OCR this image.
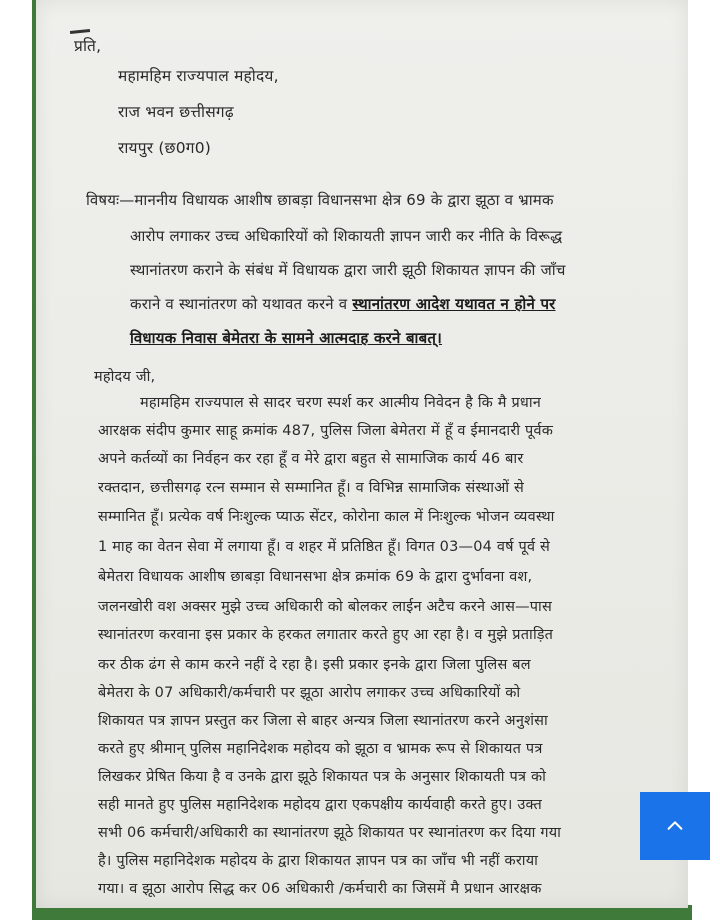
प्रति,
महामहिम राज्यपाल महोदय,
राज भवन छत्तीसगढ़
रायपुर (छ0ग0)
विषयः—माननीय विधायक आशीष छाबड़ा विधानसभा क्षेत्र 69 के द्वारा झूठा व भ्रामक
आरोप लगाकर उच्च अधिकारियों को शिकायती ज्ञापन जारी कर नीति के विरूद्ध
स्थानांतरण कराने के संबंध में विधायक द्वारा जारी झूठी शिकायत ज्ञापन की जाँच
कराने व स्थानांतरण को यथावत करने व स्थानांतरण आदेश यथावत न होने पर
विधायक निवास बेमेतरा के सामने आत्मदाह करने बाबत्।
महोदय जी,
महामहिम राज्यपाल से सादर चरण स्पर्श कर आत्मीय निवेदन है कि मै प्रधान
आरक्षक संदीप कुमार साहू क्रमांक 487, पुलिस जिला बेमेतरा में हूँ व ईमानदारी पूर्वक
अपने कर्तव्यों का निर्वहन कर रहा हूँ व मेरे द्वारा बहुत से सामाजिक कार्य 46 बार
रक्तदान, छत्तीसगढ़ रत्न सम्मान से सम्मानित हूँ। व विभिन्न सामाजिक संस्थाओं से
सम्मानित हूँ। प्रत्येक वर्ष निःशुल्क प्याऊ सेंटर, कोरोना काल में निःशुल्क भोजन व्यवस्था
1 माह का वेतन सेवा में लगाया हूँ। व शहर में प्रतिष्ठित हूँ। विगत 03—04 वर्ष पूर्व से
बेमेतरा विधायक आशीष छाबड़ा विधानसभा क्षेत्र क्रमांक 69 के द्वारा दुर्भावना वश,
जलनखोरी वश अक्सर मुझे उच्च अधिकारी को बोलकर लाईन अटैच करने आस—पास
स्थानांतरण करवाना इस प्रकार के हरकत लगातार करते हुए आ रहा है। व मुझे प्रताड़ित
कर ठीक ढंग से काम करने नहीं दे रहा है। इसी प्रकार इनके द्वारा जिला पुलिस बल
बेमेतरा के 07 अधिकारी/कर्मचारी पर झूठा आरोप लगाकर उच्च अधिकारियों को
शिकायत पत्र ज्ञापन प्रस्तुत कर जिला से बाहर अन्यत्र जिला स्थानांतरण करने अनुशंसा
करते हुए श्रीमान् पुलिस महानिदेशक महोदय को झूठा व भ्रामक रूप से शिकायत पत्र
लिखकर प्रेषित किया है व उनके द्वारा झूठे शिकायत पत्र के अनुसार शिकायती पत्र को
सही मानते हुए पुलिस महानिदेशक महोदय द्वारा एकपक्षीय कार्यवाही करते हुए। उक्त
सभी 06 कर्मचारी/अधिकारी का स्थानांतरण झूठे शिकायत पर स्थानांतरण कर दिया गया
है। पुलिस महानिदेशक महोदय के द्वारा शिकायत ज्ञापन पत्र का जाँच भी नहीं कराया
गया। व झूठा आरोप सिद्ध कर 06 अधिकारी /कर्मचारी का जिसमें मै प्रधान आरक्षक
